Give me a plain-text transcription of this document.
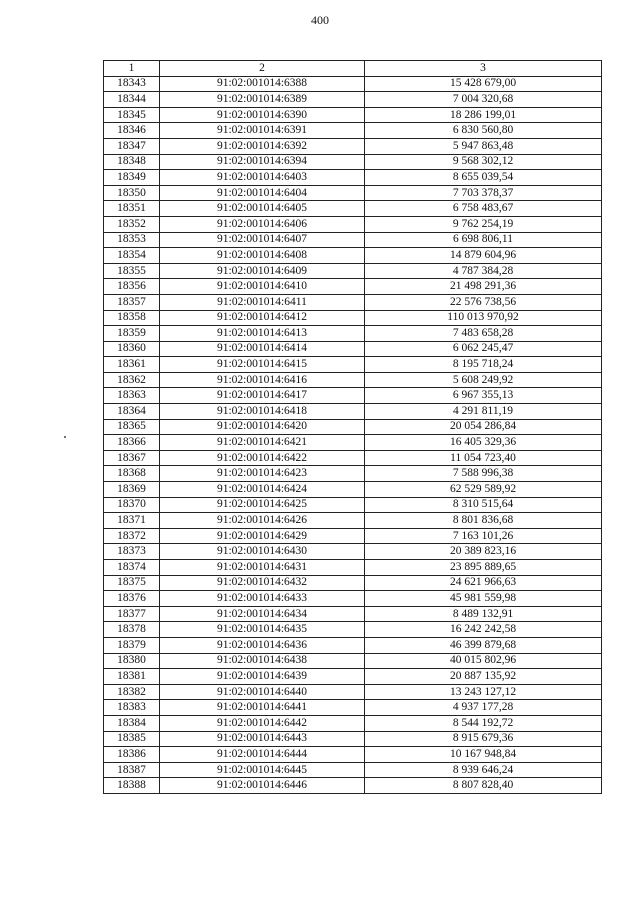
400
1	2	3
18343	91:02:001014:6388	15 428 679,00
18344	91:02:001014:6389	7 004 320,68
18345	91:02:001014:6390	18 286 199,01
18346	91:02:001014:6391	6 830 560,80
18347	91:02:001014:6392	5 947 863,48
18348	91:02:001014:6394	9 568 302,12
18349	91:02:001014:6403	8 655 039,54
18350	91:02:001014:6404	7 703 378,37
18351	91:02:001014:6405	6 758 483,67
18352	91:02:001014:6406	9 762 254,19
18353	91:02:001014:6407	6 698 806,11
18354	91:02:001014:6408	14 879 604,96
18355	91:02:001014:6409	4 787 384,28
18356	91:02:001014:6410	21 498 291,36
18357	91:02:001014:6411	22 576 738,56
18358	91:02:001014:6412	110 013 970,92
18359	91:02:001014:6413	7 483 658,28
18360	91:02:001014:6414	6 062 245,47
18361	91:02:001014:6415	8 195 718,24
18362	91:02:001014:6416	5 608 249,92
18363	91:02:001014:6417	6 967 355,13
18364	91:02:001014:6418	4 291 811,19
18365	91:02:001014:6420	20 054 286,84
18366	91:02:001014:6421	16 405 329,36
18367	91:02:001014:6422	11 054 723,40
18368	91:02:001014:6423	7 588 996,38
18369	91:02:001014:6424	62 529 589,92
18370	91:02:001014:6425	8 310 515,64
18371	91:02:001014:6426	8 801 836,68
18372	91:02:001014:6429	7 163 101,26
18373	91:02:001014:6430	20 389 823,16
18374	91:02:001014:6431	23 895 889,65
18375	91:02:001014:6432	24 621 966,63
18376	91:02:001014:6433	45 981 559,98
18377	91:02:001014:6434	8 489 132,91
18378	91:02:001014:6435	16 242 242,58
18379	91:02:001014:6436	46 399 879,68
18380	91:02:001014:6438	40 015 802,96
18381	91:02:001014:6439	20 887 135,92
18382	91:02:001014:6440	13 243 127,12
18383	91:02:001014:6441	4 937 177,28
18384	91:02:001014:6442	8 544 192,72
18385	91:02:001014:6443	8 915 679,36
18386	91:02:001014:6444	10 167 948,84
18387	91:02:001014:6445	8 939 646,24
18388	91:02:001014:6446	8 807 828,40
